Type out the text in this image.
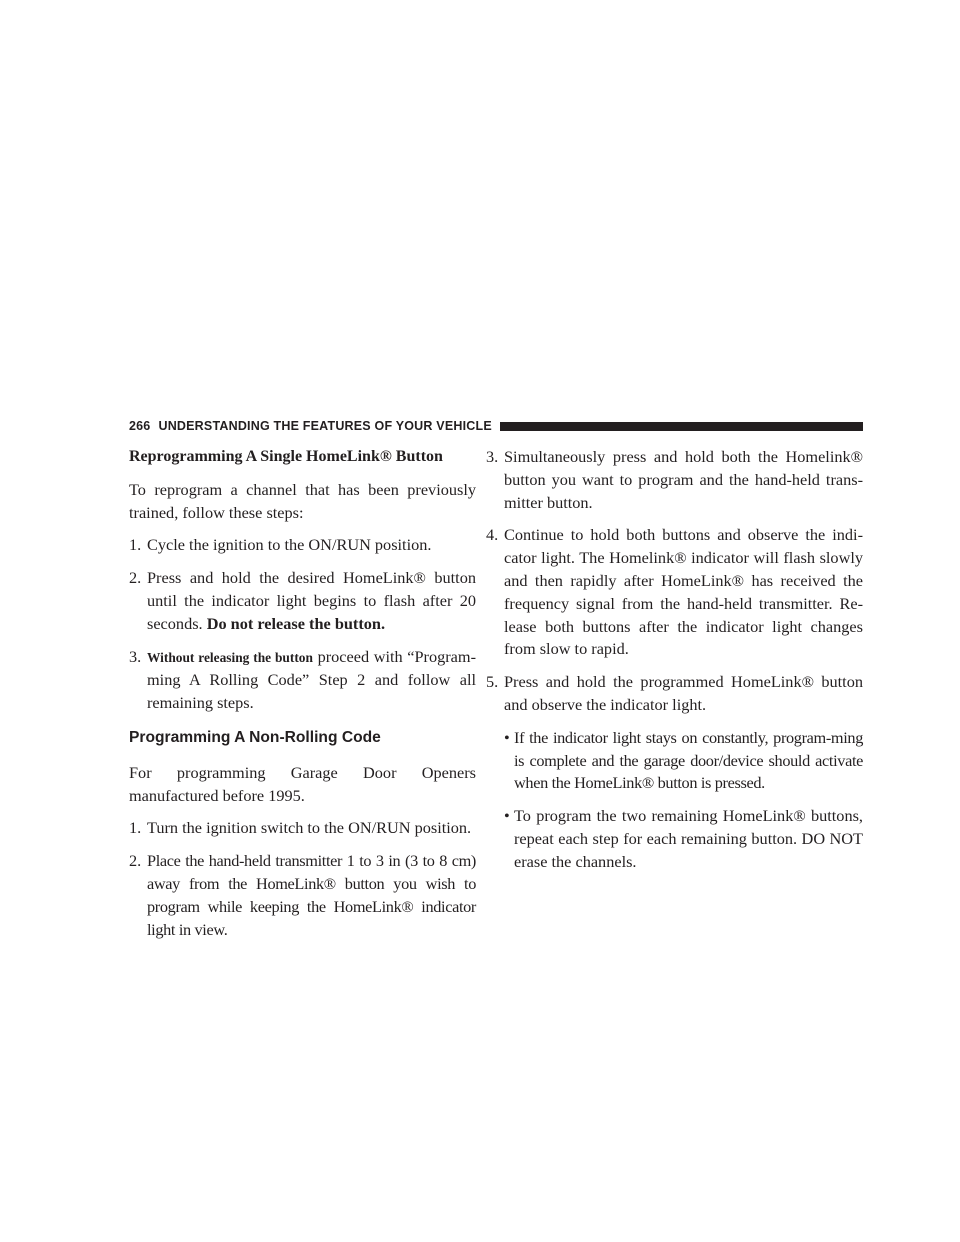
266 UNDERSTANDING THE FEATURES OF YOUR VEHICLE
Reprogramming A Single HomeLink® Button

To reprogram a channel that has been previously trained, follow these steps:

1. Cycle the ignition to the ON/RUN position.
2. Press and hold the desired HomeLink® button until the indicator light begins to flash after 20 seconds. Do not release the button.
3. Without releasing the button proceed with “Program-ming A Rolling Code” Step 2 and follow all remaining steps.
Programming A Non-Rolling Code

For programming Garage Door Openers manufactured before 1995.

1. Turn the ignition switch to the ON/RUN position.
2. Place the hand-held transmitter 1 to 3 in (3 to 8 cm) away from the HomeLink® button you wish to program while keeping the HomeLink® indicator light in view.
3. Simultaneously press and hold both the Homelink® button you want to program and the hand-held trans-mitter button.
4. Continue to hold both buttons and observe the indi-cator light. The Homelink® indicator will flash slowly and then rapidly after HomeLink® has received the frequency signal from the hand-held transmitter. Re-lease both buttons after the indicator light changes from slow to rapid.
5. Press and hold the programmed HomeLink® button and observe the indicator light.
• If the indicator light stays on constantly, program-ming is complete and the garage door/device should activate when the HomeLink® button is pressed.
• To program the two remaining HomeLink® buttons, repeat each step for each remaining button. DO NOT erase the channels.
